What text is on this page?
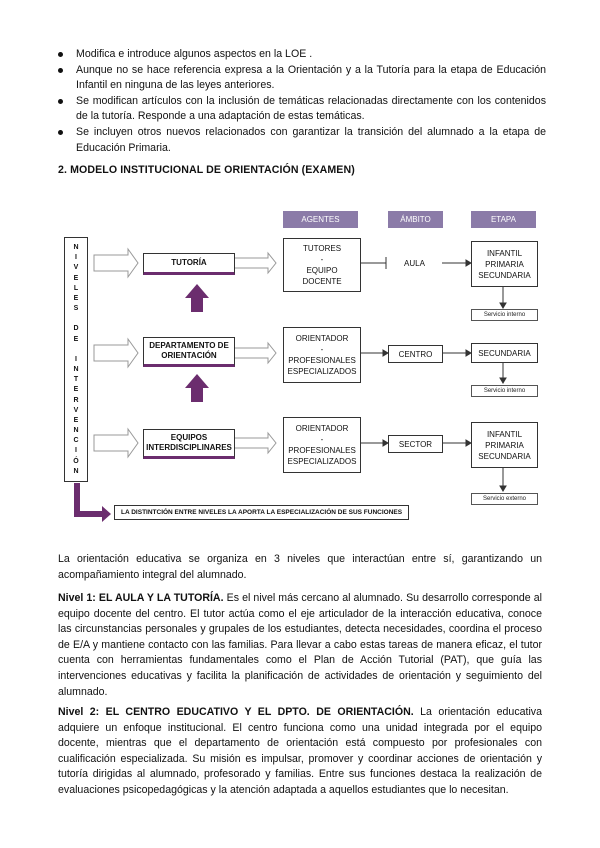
Modifica e introduce algunos aspectos en la LOE .
Aunque no se hace referencia expresa a la Orientación y a la Tutoría para la etapa de Educación Infantil en ninguna de las leyes anteriores.
Se modifican artículos con la inclusión de temáticas relacionadas directamente con los contenidos de la tutoría. Responde a una adaptación de estas temáticas.
Se incluyen otros nuevos relacionados con garantizar la transición del alumnado a la etapa de Educación Primaria.
2. MODELO INSTITUCIONAL DE ORIENTACIÓN (EXAMEN)
AGENTES	ÁMBITO	ETAPA
N
I
V
E
L
E
S
D
E
I
N
T
E
R
V
E
N
C
I
Ó
N
TUTORÍA
DEPARTAMENTO DE ORIENTACIÓN
EQUIPOS INTERDISCIPLINARES
TUTORES
-
EQUIPO
DOCENTE
ORIENTADOR
-
PROFESIONALES
ESPECIALIZADOS
ORIENTADOR
-
PROFESIONALES
ESPECIALIZADOS
AULA
CENTRO
SECTOR
INFANTIL
PRIMARIA
SECUNDARIA
SECUNDARIA
INFANTIL
PRIMARIA
SECUNDARIA
Servicio interno
Servicio interno
Servicio externo
LA DISTINTCIÓN ENTRE NIVELES LA APORTA LA ESPECIALIZACIÓN DE SUS FUNCIONES

La orientación educativa se organiza en 3 niveles que interactúan entre sí, garantizando un acompañamiento integral del alumnado.

Nivel 1: EL AULA Y LA TUTORÍA. Es el nivel más cercano al alumnado. Su desarrollo corresponde al equipo docente del centro. El tutor actúa como el eje articulador de la interacción educativa, conoce las circunstancias personales y grupales de los estudiantes, detecta necesidades, coordina el proceso de E/A y mantiene contacto con las familias. Para llevar a cabo estas tareas de manera eficaz, el tutor cuenta con herramientas fundamentales como el Plan de Acción Tutorial (PAT), que guía las intervenciones educativas y facilita la planificación de actividades de orientación y seguimiento del alumnado.

Nivel 2: EL CENTRO EDUCATIVO Y EL DPTO. DE ORIENTACIÓN. La orientación educativa adquiere un enfoque institucional. El centro funciona como una unidad integrada por el equipo docente, mientras que el departamento de orientación está compuesto por profesionales con cualificación especializada. Su misión es impulsar, promover y coordinar acciones de orientación y tutoría dirigidas al alumnado, profesorado y familias. Entre sus funciones destaca la realización de evaluaciones psicopedagógicas y la atención adaptada a aquellos estudiantes que lo necesitan.
